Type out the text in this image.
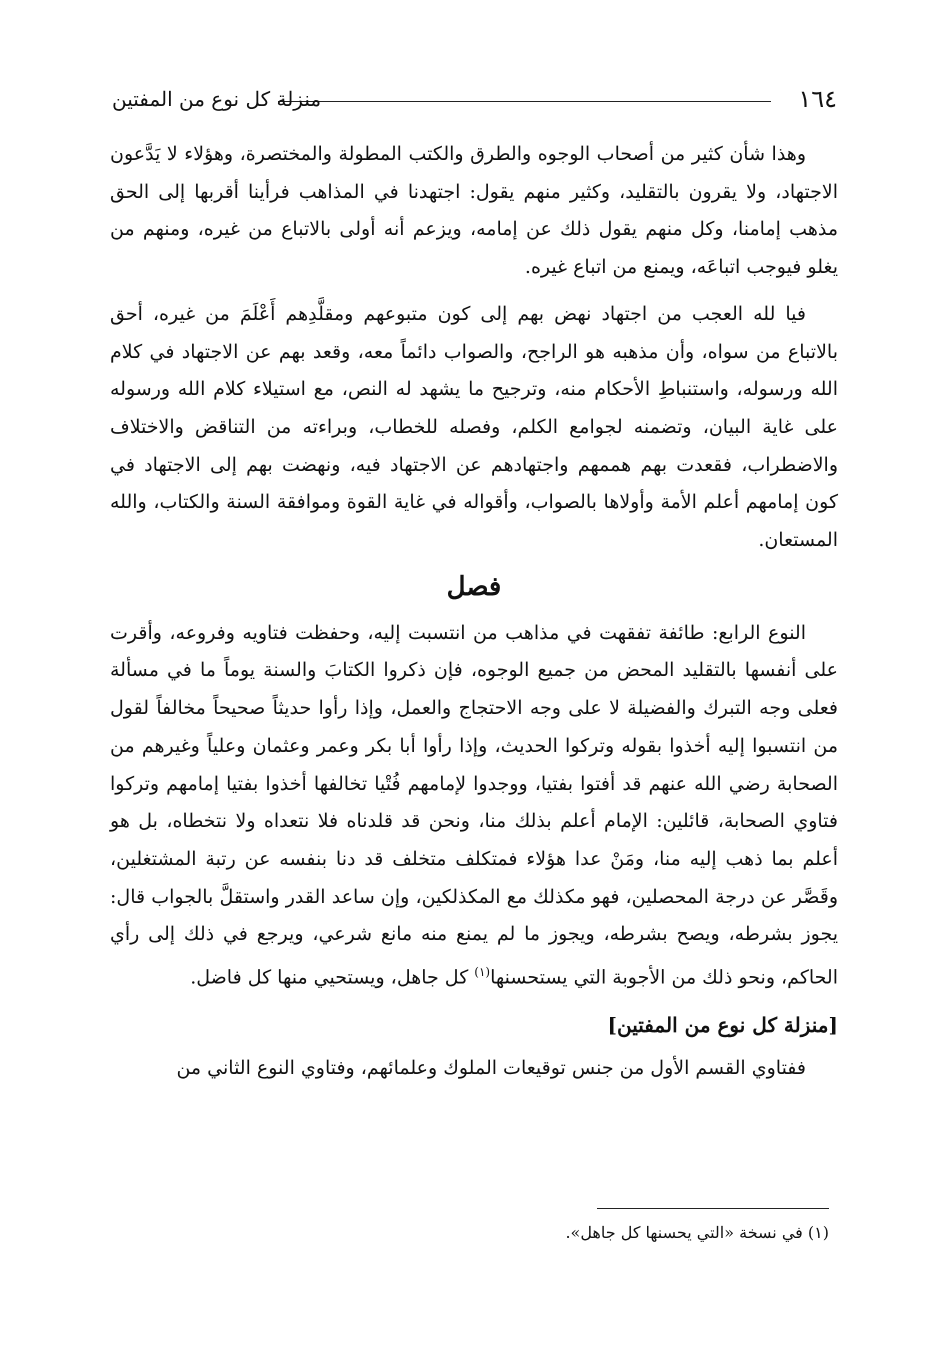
١٦٤
منزلة كل نوع من المفتين

وهذا شأن كثير من أصحاب الوجوه والطرق والكتب المطولة والمختصرة، وهؤلاء لا يَدَّعون الاجتهاد، ولا يقرون بالتقليد، وكثير منهم يقول: اجتهدنا في المذاهب فرأينا أقربها إلى الحق مذهب إمامنا، وكل منهم يقول ذلك عن إمامه، ويزعم أنه أولى بالاتباع من غيره، ومنهم من يغلو فيوجب اتباعَه، ويمنع من اتباع غيره.

فيا لله العجب من اجتهاد نهض بهم إلى كون متبوعهم ومقلَّدِهم أَعْلَمَ من غيره، أحق بالاتباع من سواه، وأن مذهبه هو الراجح، والصواب دائماً معه، وقعد بهم عن الاجتهاد في كلام الله ورسوله، واستنباطِ الأحكام منه، وترجيح ما يشهد له النص، مع استيلاء كلام الله ورسوله على غاية البيان، وتضمنه لجوامع الكلم، وفصله للخطاب، وبراءته من التناقض والاختلاف والاضطراب، فقعدت بهم هممهم واجتهادهم عن الاجتهاد فيه، ونهضت بهم إلى الاجتهاد في كون إمامهم أعلم الأمة وأولاها بالصواب، وأقواله في غاية القوة وموافقة السنة والكتاب، والله المستعان.

فصل

النوع الرابع: طائفة تفقهت في مذاهب من انتسبت إليه، وحفظت فتاويه وفروعه، وأقرت على أنفسها بالتقليد المحض من جميع الوجوه، فإن ذكروا الكتابَ والسنة يوماً ما في مسألة فعلى وجه التبرك والفضيلة لا على وجه الاحتجاج والعمل، وإذا رأوا حديثاً صحيحاً مخالفاً لقول من انتسبوا إليه أخذوا بقوله وتركوا الحديث، وإذا رأوا أبا بكر وعمر وعثمان وعلياً وغيرهم من الصحابة رضي الله عنهم قد أفتوا بفتيا، ووجدوا لإمامهم فُتْيا تخالفها أخذوا بفتيا إمامهم وتركوا فتاوي الصحابة، قائلين: الإمام أعلم بذلك منا، ونحن قد قلدناه فلا نتعداه ولا نتخطاه، بل هو أعلم بما ذهب إليه منا، ومَنْ عدا هؤلاء فمتكلف متخلف قد دنا بنفسه عن رتبة المشتغلين، وقَصَّر عن درجة المحصلين، فهو مكذلك مع المكذلكين، وإن ساعد القدر واستقلَّ بالجواب قال: يجوز بشرطه، ويصح بشرطه، ويجوز ما لم يمنع منه مانع شرعي، ويرجع في ذلك إلى رأي الحاكم، ونحو ذلك من الأجوبة التي يستحسنها$^{(١)}$ كل جاهل، ويستحيي منها كل فاضل.

[منزلة كل نوع من المفتين]

ففتاوي القسم الأول من جنس توقيعات الملوك وعلمائهم، وفتاوي النوع الثاني من

(١) في نسخة «التي يحسنها كل جاهل».
